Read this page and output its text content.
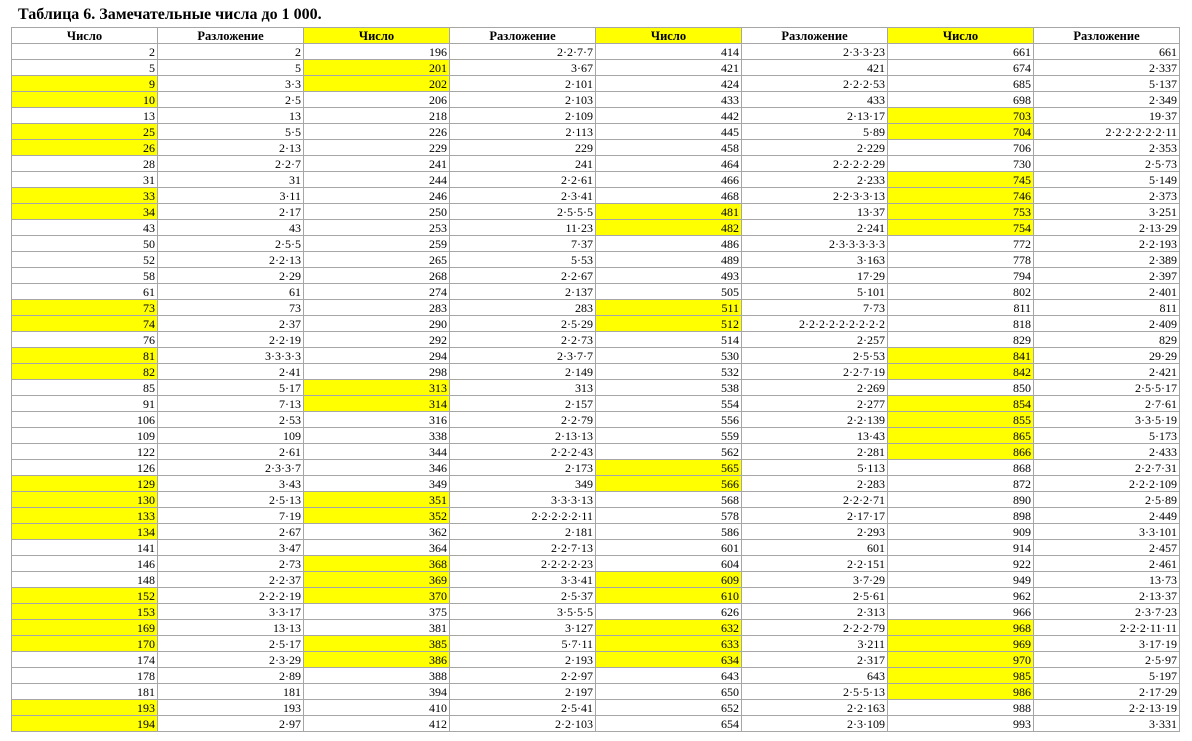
Таблица 6. Замечательные числа до 1 000.
Число	Разложение	Число	Разложение	Число	Разложение	Число	Разложение
2	2	196	2·2·7·7	414	2·3·3·23	661	661
5	5	201	3·67	421	421	674	2·337
9	3·3	202	2·101	424	2·2·2·53	685	5·137
10	2·5	206	2·103	433	433	698	2·349
13	13	218	2·109	442	2·13·17	703	19·37
25	5·5	226	2·113	445	5·89	704	2·2·2·2·2·2·11
26	2·13	229	229	458	2·229	706	2·353
28	2·2·7	241	241	464	2·2·2·2·29	730	2·5·73
31	31	244	2·2·61	466	2·233	745	5·149
33	3·11	246	2·3·41	468	2·2·3·3·13	746	2·373
34	2·17	250	2·5·5·5	481	13·37	753	3·251
43	43	253	11·23	482	2·241	754	2·13·29
50	2·5·5	259	7·37	486	2·3·3·3·3·3	772	2·2·193
52	2·2·13	265	5·53	489	3·163	778	2·389
58	2·29	268	2·2·67	493	17·29	794	2·397
61	61	274	2·137	505	5·101	802	2·401
73	73	283	283	511	7·73	811	811
74	2·37	290	2·5·29	512	2·2·2·2·2·2·2·2·2	818	2·409
76	2·2·19	292	2·2·73	514	2·257	829	829
81	3·3·3·3	294	2·3·7·7	530	2·5·53	841	29·29
82	2·41	298	2·149	532	2·2·7·19	842	2·421
85	5·17	313	313	538	2·269	850	2·5·5·17
91	7·13	314	2·157	554	2·277	854	2·7·61
106	2·53	316	2·2·79	556	2·2·139	855	3·3·5·19
109	109	338	2·13·13	559	13·43	865	5·173
122	2·61	344	2·2·2·43	562	2·281	866	2·433
126	2·3·3·7	346	2·173	565	5·113	868	2·2·7·31
129	3·43	349	349	566	2·283	872	2·2·2·109
130	2·5·13	351	3·3·3·13	568	2·2·2·71	890	2·5·89
133	7·19	352	2·2·2·2·2·11	578	2·17·17	898	2·449
134	2·67	362	2·181	586	2·293	909	3·3·101
141	3·47	364	2·2·7·13	601	601	914	2·457
146	2·73	368	2·2·2·2·23	604	2·2·151	922	2·461
148	2·2·37	369	3·3·41	609	3·7·29	949	13·73
152	2·2·2·19	370	2·5·37	610	2·5·61	962	2·13·37
153	3·3·17	375	3·5·5·5	626	2·313	966	2·3·7·23
169	13·13	381	3·127	632	2·2·2·79	968	2·2·2·11·11
170	2·5·17	385	5·7·11	633	3·211	969	3·17·19
174	2·3·29	386	2·193	634	2·317	970	2·5·97
178	2·89	388	2·2·97	643	643	985	5·197
181	181	394	2·197	650	2·5·5·13	986	2·17·29
193	193	410	2·5·41	652	2·2·163	988	2·2·13·19
194	2·97	412	2·2·103	654	2·3·109	993	3·331
